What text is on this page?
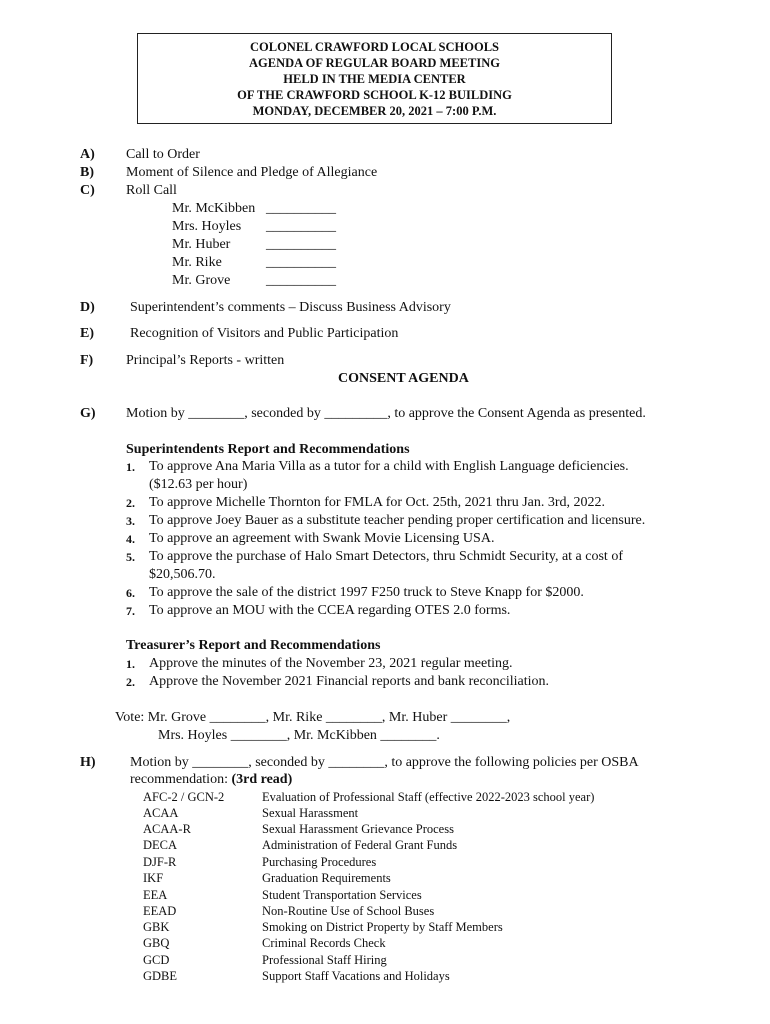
COLONEL CRAWFORD LOCAL SCHOOLS
AGENDA OF REGULAR BOARD MEETING
HELD IN THE MEDIA CENTER
OF THE CRAWFORD SCHOOL K-12 BUILDING
MONDAY, DECEMBER 20, 2021 – 7:00 P.M.
A) Call to Order
B) Moment of Silence and Pledge of Allegiance
C) Roll Call
Mr. McKibben __________
Mrs. Hoyles __________
Mr. Huber	__________
Mr. Rike	__________
Mr. Grove	__________
D)	Superintendent’s comments – Discuss Business Advisory
E)	Recognition of Visitors and Public Participation
F) Principal’s Reports - written
CONSENT AGENDA
G) Motion by ________, seconded by _________, to approve the Consent Agenda as presented.
Superintendents Report and Recommendations
1. To approve Ana Maria Villa as a tutor for a child with English Language deficiencies.
($12.63 per hour)
2. To approve Michelle Thornton for FMLA for Oct. 25th, 2021 thru Jan. 3rd, 2022.
3. To approve Joey Bauer as a substitute teacher pending proper certification and licensure.
4. To approve an agreement with Swank Movie Licensing USA.
5. To approve the purchase of Halo Smart Detectors, thru Schmidt Security, at a cost of
$20,506.70.
6. To approve the sale of the district 1997 F250 truck to Steve Knapp for $2000.
7. To approve an MOU with the CCEA regarding OTES 2.0 forms.
Treasurer’s Report and Recommendations
1. Approve the minutes of the November 23, 2021 regular meeting.
2. Approve the November 2021 Financial reports and bank reconciliation.
Vote: Mr. Grove ________, Mr. Rike ________, Mr. Huber ________,
Mrs. Hoyles ________, Mr. McKibben ________.
H) Motion by ________, seconded by ________, to approve the following policies per OSBA
recommendation: (3rd read)
AFC-2 / GCN-2	Evaluation of Professional Staff (effective 2022-2023 school year)
ACAA	Sexual Harassment
ACAA-R	Sexual Harassment Grievance Process
DECA	Administration of Federal Grant Funds
DJF-R	Purchasing Procedures
IKF	Graduation Requirements
EEA	Student Transportation Services
EEAD	Non-Routine Use of School Buses
GBK	Smoking on District Property by Staff Members
GBQ	Criminal Records Check
GCD	Professional Staff Hiring
GDBE	Support Staff Vacations and Holidays
